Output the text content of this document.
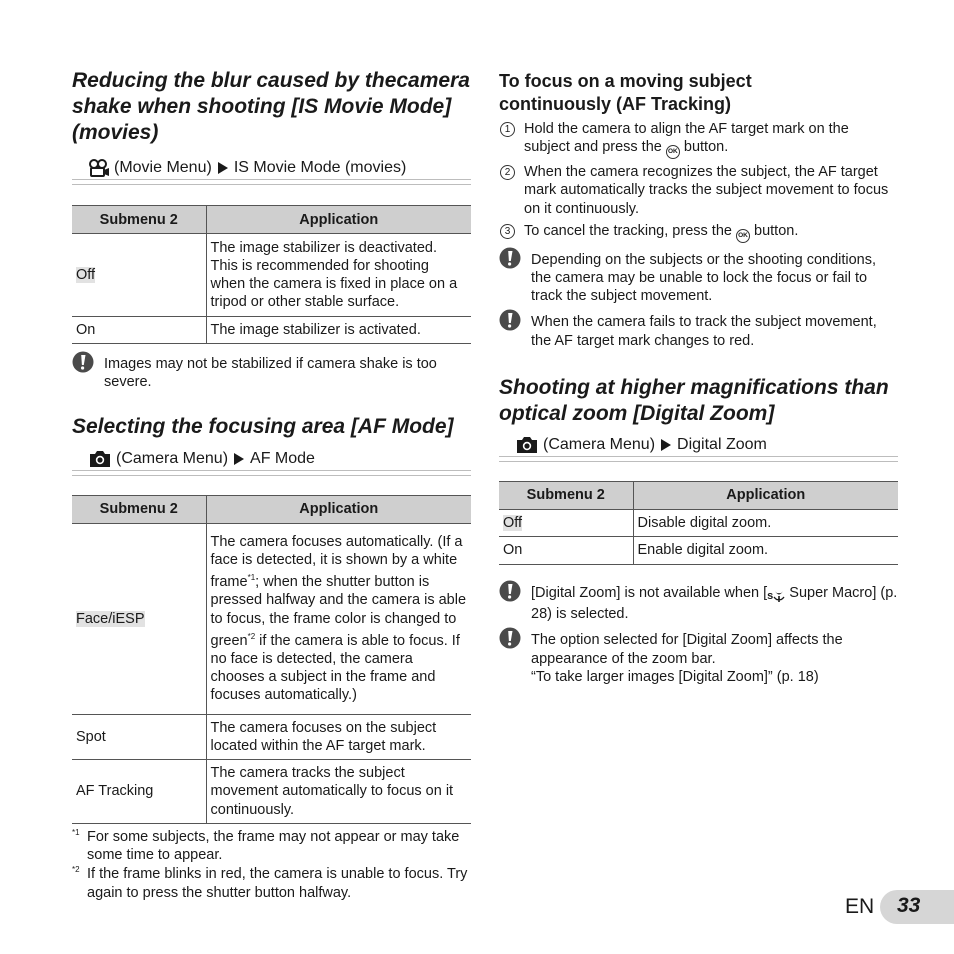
Reducing the blur caused by thecamera
shake when shooting [IS Movie Mode]
(movies)
(Movie Menu) IS Movie Mode (movies)
Submenu 2	Application
Off	The image stabilizer is deactivated. This is recommended for shooting when the camera is fixed in place on a tripod or other stable surface.
On	The image stabilizer is activated.
Images may not be stabilized if camera shake is too
severe.
Selecting the focusing area [AF Mode]
(Camera Menu) AF Mode
Submenu 2	Application
Face/iESP	The camera focuses automatically. (If a face is detected, it is shown by a white frame$^{*1}$; when the shutter button is pressed halfway and the camera is able to focus, the frame color is changed to green$^{*2}$ if the camera is able to focus. If no face is detected, the camera chooses a subject in the frame and focuses automatically.)
Spot	The camera focuses on the subject located within the AF target mark.
AF Tracking	The camera tracks the subject movement automatically to focus on it continuously.
*1 For some subjects, the frame may not appear or may take some time to appear.
*2 If the frame blinks in red, the camera is unable to focus. Try again to press the shutter button halfway.
To focus on a moving subject
continuously (AF Tracking)
1 Hold the camera to align the AF target mark on the subject and press the OK button.
2 When the camera recognizes the subject, the AF target mark automatically tracks the subject movement to focus on it continuously.
3 To cancel the tracking, press the OK button.
Depending on the subjects or the shooting conditions, the camera may be unable to lock the focus or fail to track the subject movement.
When the camera fails to track the subject movement, the AF target mark changes to red.
Shooting at higher magnifications than
optical zoom [Digital Zoom]
(Camera Menu) Digital Zoom
Submenu 2	Application
Off	Disable digital zoom.
On	Enable digital zoom.
[Digital Zoom] is not available when [ s Super Macro] (p. 28) is selected.
The option selected for [Digital Zoom] affects the appearance of the zoom bar.
“To take larger images [Digital Zoom]” (p. 18)
EN 33
